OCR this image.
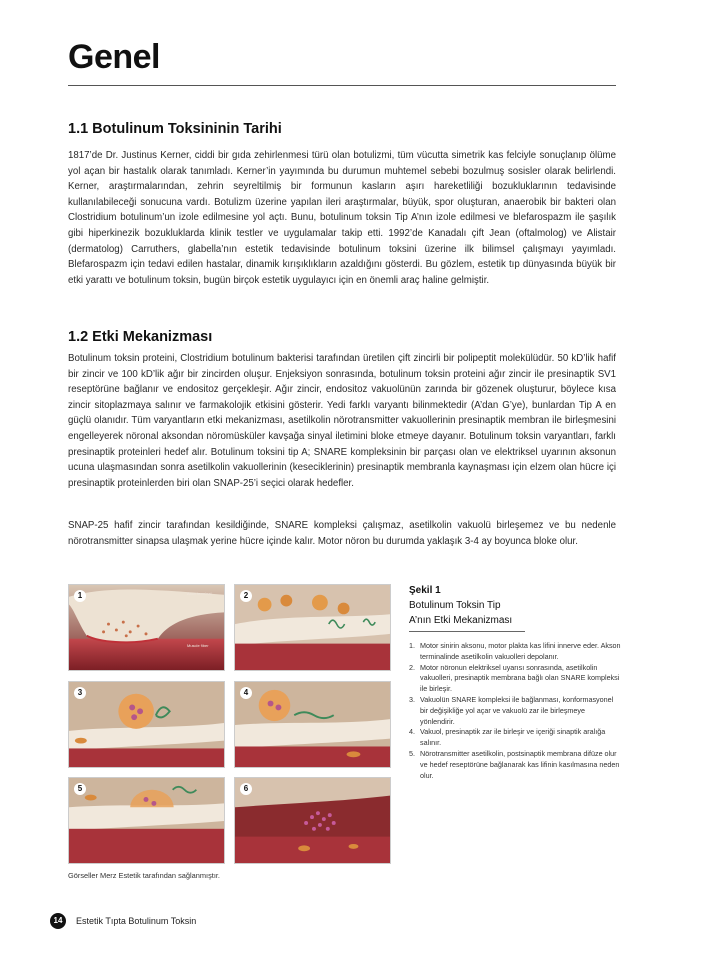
Genel
1.1 Botulinum Toksininin Tarihi

1817’de Dr. Justinus Kerner, ciddi bir gıda zehirlenmesi türü olan botulizmi, tüm vücutta simetrik kas felciyle sonuçlanıp ölüme yol açan bir hastalık olarak tanımladı. Kerner’in yayımında bu durumun muhtemel sebebi bozulmuş sosisler olarak belirlendi. Kerner, araştırmalarından, zehrin seyreltilmiş bir formunun kasların aşırı hareketliliği bozukluklarının tedavisinde kullanılabileceği sonucuna vardı. Botulizm üzerine yapılan ileri araştırmalar, büyük, spor oluşturan, anaerobik bir bakteri olan Clostridium botulinum’un izole edilmesine yol açtı. Bunu, botulinum toksin Tip A’nın izole edilmesi ve blefarospazm ile şaşılık gibi hiperkinezik bozukluklarda klinik testler ve uygulamalar takip etti. 1992’de Kanadalı çift Jean (oftalmolog) ve Alistair (dermatolog) Carruthers, glabella’nın estetik tedavisinde botulinum toksini üzerine ilk bilimsel çalışmayı yayımladı. Blefarospazm için tedavi edilen hastalar, dinamik kırışıklıkların azaldığını gösterdi. Bu gözlem, estetik tıp dünyasında büyük bir etki yarattı ve botulinum toksin, bugün birçok estetik uygulayıcı için en önemli araç haline gelmiştir.

1.2 Etki Mekanizması

Botulinum toksin proteini, Clostridium botulinum bakterisi tarafından üretilen çift zincirli bir polipeptit molekülüdür. 50 kD’lik hafif bir zincir ve 100 kD’lik ağır bir zincirden oluşur. Enjeksiyon sonrasında, botulinum toksin proteini ağır zincir ile presinaptik SV1 reseptörüne bağlanır ve endositoz gerçekleşir. Ağır zincir, endositoz vakuolünün zarında bir gözenek oluşturur, böylece kısa zincir sitoplazmaya salınır ve farmakolojik etkisini gösterir. Yedi farklı varyantı bilinmektedir (A’dan G’ye), bunlardan Tip A en güçlü olanıdır. Tüm varyantların etki mekanizması, asetilkolin nörotransmitter vakuollerinin presinaptik membran ile birleşmesini engelleyerek nöronal aksondan nöromüsküler kavşağa sinyal iletimini bloke etmeye dayanır. Botulinum toksin varyantları, farklı presinaptik proteinleri hedef alır. Botulinum toksini tip A; SNARE kompleksinin bir parçası olan ve elektriksel uyarının aksonun ucuna ulaşmasından sonra asetilkolin vakuollerinin (keseciklerinin) presinaptik membranla kaynaşması için elzem olan hücre içi presinaptik proteinlerden biri olan SNAP-25’i seçici olarak hedefler.

SNAP-25 hafif zincir tarafından kesildiğinde, SNARE kompleksi çalışmaz, asetilkolin vakuolü birleşemez ve bu nedenle nörotransmitter sinapsa ulaşmak yerine hücre içinde kalır. Motor nöron bu durumda yaklaşık 3-4 ay boyunca bloke olur.

1	Axon terminal
Muscle fiber
2
3	4
5	6
Şekil 1
Botulinum Toksin Tip
A’nın Etki Mekanizması
1. Motor sinirin aksonu, motor plakta kas lifini innerve eder. Akson terminalinde asetilkolin vakuolleri depolanır.
2. Motor nöronun elektriksel uyarısı sonrasında, asetilkolin vakuolleri, presinaptik membrana bağlı olan SNARE kompleksi ile birleşir.
3. Vakuolün SNARE kompleksi ile bağlanması, konformasyonel bir değişikliğe yol açar ve vakuolü zar ile birleşmeye yönlendirir.
4. Vakuol, presinaptik zar ile birleşir ve içeriği sinaptik aralığa salınır.
5. Nörotransmitter asetilkolin, postsinaptik membrana difüze olur ve hedef reseptörüne bağlanarak kas lifinin kasılmasına neden olur.
Görseller Merz Estetik tarafından sağlanmıştır.
14	Estetik Tıpta Botulinum Toksin
